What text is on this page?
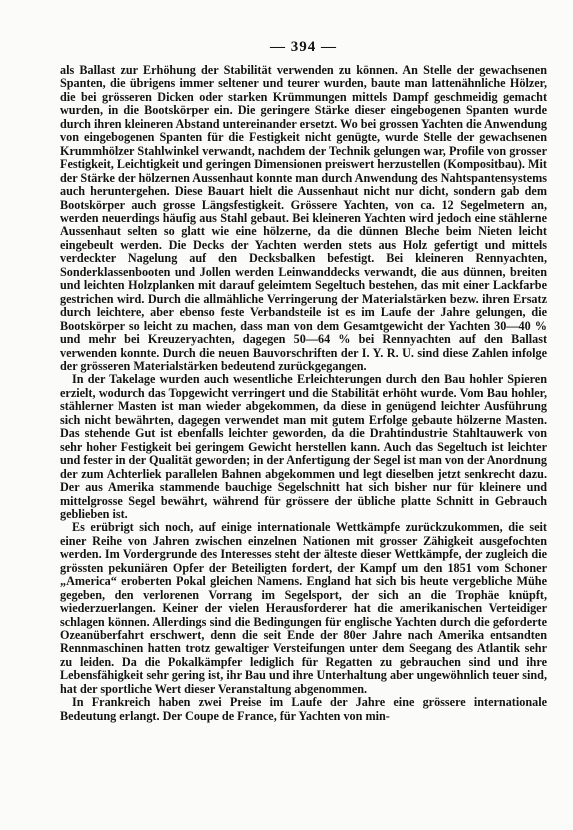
— 394 —

als Ballast zur Erhöhung der Stabilität verwenden zu können. An Stelle der gewachsenen Spanten, die übrigens immer seltener und teurer wurden, baute man lattenähnliche Hölzer, die bei grösseren Dicken oder starken Krümmungen mittels Dampf geschmeidig gemacht wurden, in die Bootskörper ein. Die geringere Stärke dieser eingebogenen Spanten wurde durch ihren kleineren Abstand untereinander ersetzt. Wo bei grossen Yachten die Anwendung von eingebogenen Spanten für die Festigkeit nicht genügte, wurde Stelle der gewachsenen Krummhölzer Stahlwinkel verwandt, nachdem der Technik gelungen war, Profile von grosser Festigkeit, Leichtigkeit und geringen Dimensionen preiswert herzustellen (Kompositbau). Mit der Stärke der hölzernen Aussenhaut konnte man durch Anwendung des Nahtspantensystems auch heruntergehen. Diese Bauart hielt die Aussenhaut nicht nur dicht, sondern gab dem Bootskörper auch grosse Längsfestigkeit. Grössere Yachten, von ca. 12 Segelmetern an, werden neuerdings häufig aus Stahl gebaut. Bei kleineren Yachten wird jedoch eine stählerne Aussenhaut selten so glatt wie eine hölzerne, da die dünnen Bleche beim Nieten leicht eingebeult werden. Die Decks der Yachten werden stets aus Holz gefertigt und mittels verdeckter Nagelung auf den Decksbalken befestigt. Bei kleineren Rennyachten, Sonderklassenbooten und Jollen werden Leinwanddecks verwandt, die aus dünnen, breiten und leichten Holzplanken mit darauf geleimtem Segeltuch bestehen, das mit einer Lackfarbe gestrichen wird. Durch die allmähliche Verringerung der Materialstärken bezw. ihren Ersatz durch leichtere, aber ebenso feste Verbandsteile ist es im Laufe der Jahre gelungen, die Bootskörper so leicht zu machen, dass man von dem Gesamtgewicht der Yachten 30—40 % und mehr bei Kreuzeryachten, dagegen 50—64 % bei Rennyachten auf den Ballast verwenden konnte. Durch die neuen Bauvorschriften der I. Y. R. U. sind diese Zahlen infolge der grösseren Materialstärken bedeutend zurückgegangen.

In der Takelage wurden auch wesentliche Erleichterungen durch den Bau hohler Spieren erzielt, wodurch das Topgewicht verringert und die Stabilität erhöht wurde. Vom Bau hohler, stählerner Masten ist man wieder abgekommen, da diese in genügend leichter Ausführung sich nicht bewährten, dagegen verwendet man mit gutem Erfolge gebaute hölzerne Masten. Das stehende Gut ist ebenfalls leichter geworden, da die Drahtindustrie Stahltauwerk von sehr hoher Festigkeit bei geringem Gewicht herstellen kann. Auch das Segeltuch ist leichter und fester in der Qualität geworden; in der Anfertigung der Segel ist man von der Anordnung der zum Achterliek parallelen Bahnen abgekommen und legt dieselben jetzt senkrecht dazu. Der aus Amerika stammende bauchige Segelschnitt hat sich bisher nur für kleinere und mittelgrosse Segel bewährt, während für grössere der übliche platte Schnitt in Gebrauch geblieben ist.

Es erübrigt sich noch, auf einige internationale Wettkämpfe zurückzukommen, die seit einer Reihe von Jahren zwischen einzelnen Nationen mit grosser Zähigkeit ausgefochten werden. Im Vordergrunde des Interesses steht der älteste dieser Wettkämpfe, der zugleich die grössten pekuniären Opfer der Beteiligten fordert, der Kampf um den 1851 vom Schoner „America“ eroberten Pokal gleichen Namens. England hat sich bis heute vergebliche Mühe gegeben, den verlorenen Vorrang im Segelsport, der sich an die Trophäe knüpft, wiederzuerlangen. Keiner der vielen Herausforderer hat die amerikanischen Verteidiger schlagen können. Allerdings sind die Bedingungen für englische Yachten durch die geforderte Ozeanüberfahrt erschwert, denn die seit Ende der 80er Jahre nach Amerika entsandten Rennmaschinen hatten trotz gewaltiger Versteifungen unter dem Seegang des Atlantik sehr zu leiden. Da die Pokalkämpfer lediglich für Regatten zu gebrauchen sind und ihre Lebensfähigkeit sehr gering ist, ihr Bau und ihre Unterhaltung aber ungewöhnlich teuer sind, hat der sportliche Wert dieser Veranstaltung abgenommen.

In Frankreich haben zwei Preise im Laufe der Jahre eine grössere internationale Bedeutung erlangt. Der Coupe de France, für Yachten von min-
